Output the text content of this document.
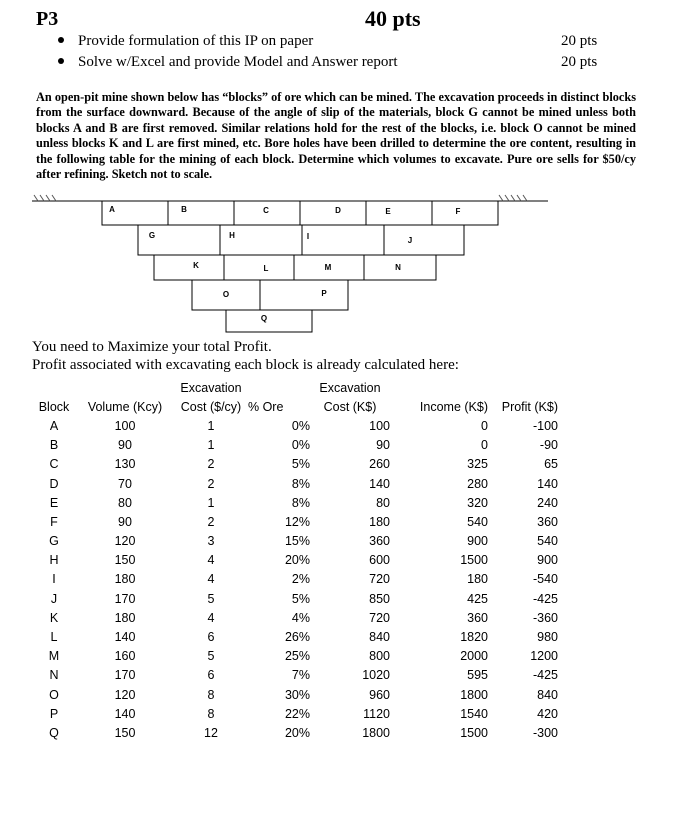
P3	40 pts
Provide formulation of this IP on paper	20 pts
Solve w/Excel and provide Model and Answer report	20 pts
An open-pit mine shown below has “blocks” of ore which can be mined. The excavation proceeds in distinct blocks from the surface downward. Because of the angle of slip of the materials, block G cannot be mined unless both blocks A and B are first removed. Similar relations hold for the rest of the blocks, i.e. block O cannot be mined unless blocks K and L are first mined, etc. Bore holes have been drilled to determine the ore content, resulting in the following table for the mining of each block. Determine which volumes to excavate. Pure ore sells for $50/cy after refining. Sketch not to scale.
A	B	C	D	E	F
G	H	I	J
K	L	M	N
O	P
Q
You need to Maximize your total Profit.
Profit associated with excavating each block is already calculated here:
		Excavation		Excavation		
Block	Volume (Kcy)	Cost ($/cy)	% Ore	Cost (K$)	Income (K$)	Profit (K$)
A	100	1	0%	100	0	-100
B	90	1	0%	90	0	-90
C	130	2	5%	260	325	65
D	70	2	8%	140	280	140
E	80	1	8%	80	320	240
F	90	2	12%	180	540	360
G	120	3	15%	360	900	540
H	150	4	20%	600	1500	900
I	180	4	2%	720	180	-540
J	170	5	5%	850	425	-425
K	180	4	4%	720	360	-360
L	140	6	26%	840	1820	980
M	160	5	25%	800	2000	1200
N	170	6	7%	1020	595	-425
O	120	8	30%	960	1800	840
P	140	8	22%	1120	1540	420
Q	150	12	20%	1800	1500	-300
